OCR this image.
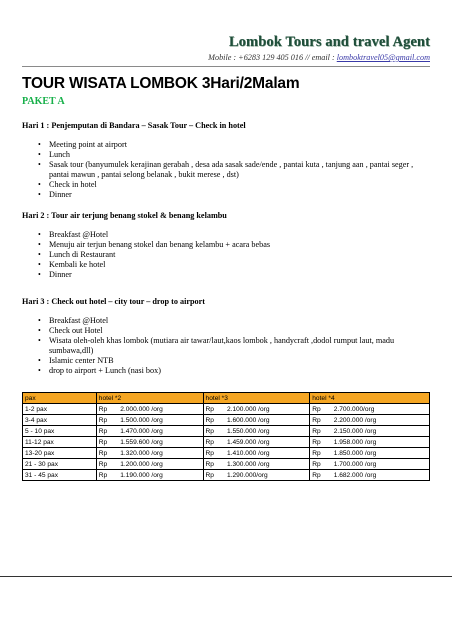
Lombok Tours and travel Agent
Mobile : +6283 129 405 016 // email : lomboktravel05@gmail.com
TOUR WISATA LOMBOK 3Hari/2Malam
PAKET A
Hari 1 : Penjemputan di Bandara – Sasak Tour – Check in hotel
• Meeting point at airport
• Lunch
• Sasak tour (banyumulek kerajinan gerabah , desa ada sasak sade/ende , pantai kuta , tanjung aan , pantai seger , pantai mawun , pantai selong belanak , bukit merese , dst)
• Check in hotel
• Dinner
Hari 2 : Tour air terjung benang stokel & benang kelambu
• Breakfast @Hotel
• Menuju air terjun benang stokel dan benang kelambu + acara bebas
• Lunch di Restaurant
• Kembali ke hotel
• Dinner
Hari 3 : Check out hotel – city tour – drop to airport
• Breakfast @Hotel
• Check out Hotel
• Wisata oleh-oleh khas lombok (mutiara air tawar/laut,kaos lombok , handycraft ,dodol rumput laut, madu sumbawa,dll)
• Islamic center NTB
• drop to airport + Lunch (nasi box)
pax	hotel *2		hotel *3		hotel *4	
1-2 pax	Rp	2.000.000 /org	Rp	2.100.000 /org	Rp	2.700.000/org
3-4 pax	Rp	1.500.000 /org	Rp	1.600.000 /org	Rp	2.200.000 /org
5 - 10 pax	Rp	1.470.000 /org	Rp	1.550.000 /org	Rp	2.150.000 /org
11-12 pax	Rp	1.559.600 /org	Rp	1.459.000 /org	Rp	1.958.000 /org
13-20 pax	Rp	1.320.000 /org	Rp	1.410.000 /org	Rp	1.850.000 /org
21 - 30 pax	Rp	1.200.000 /org	Rp	1.300.000 /org	Rp	1.700.000 /org
31 - 45 pax	Rp	1.190.000 /org	Rp	1.290.000/org	Rp	1.682.000 /org
